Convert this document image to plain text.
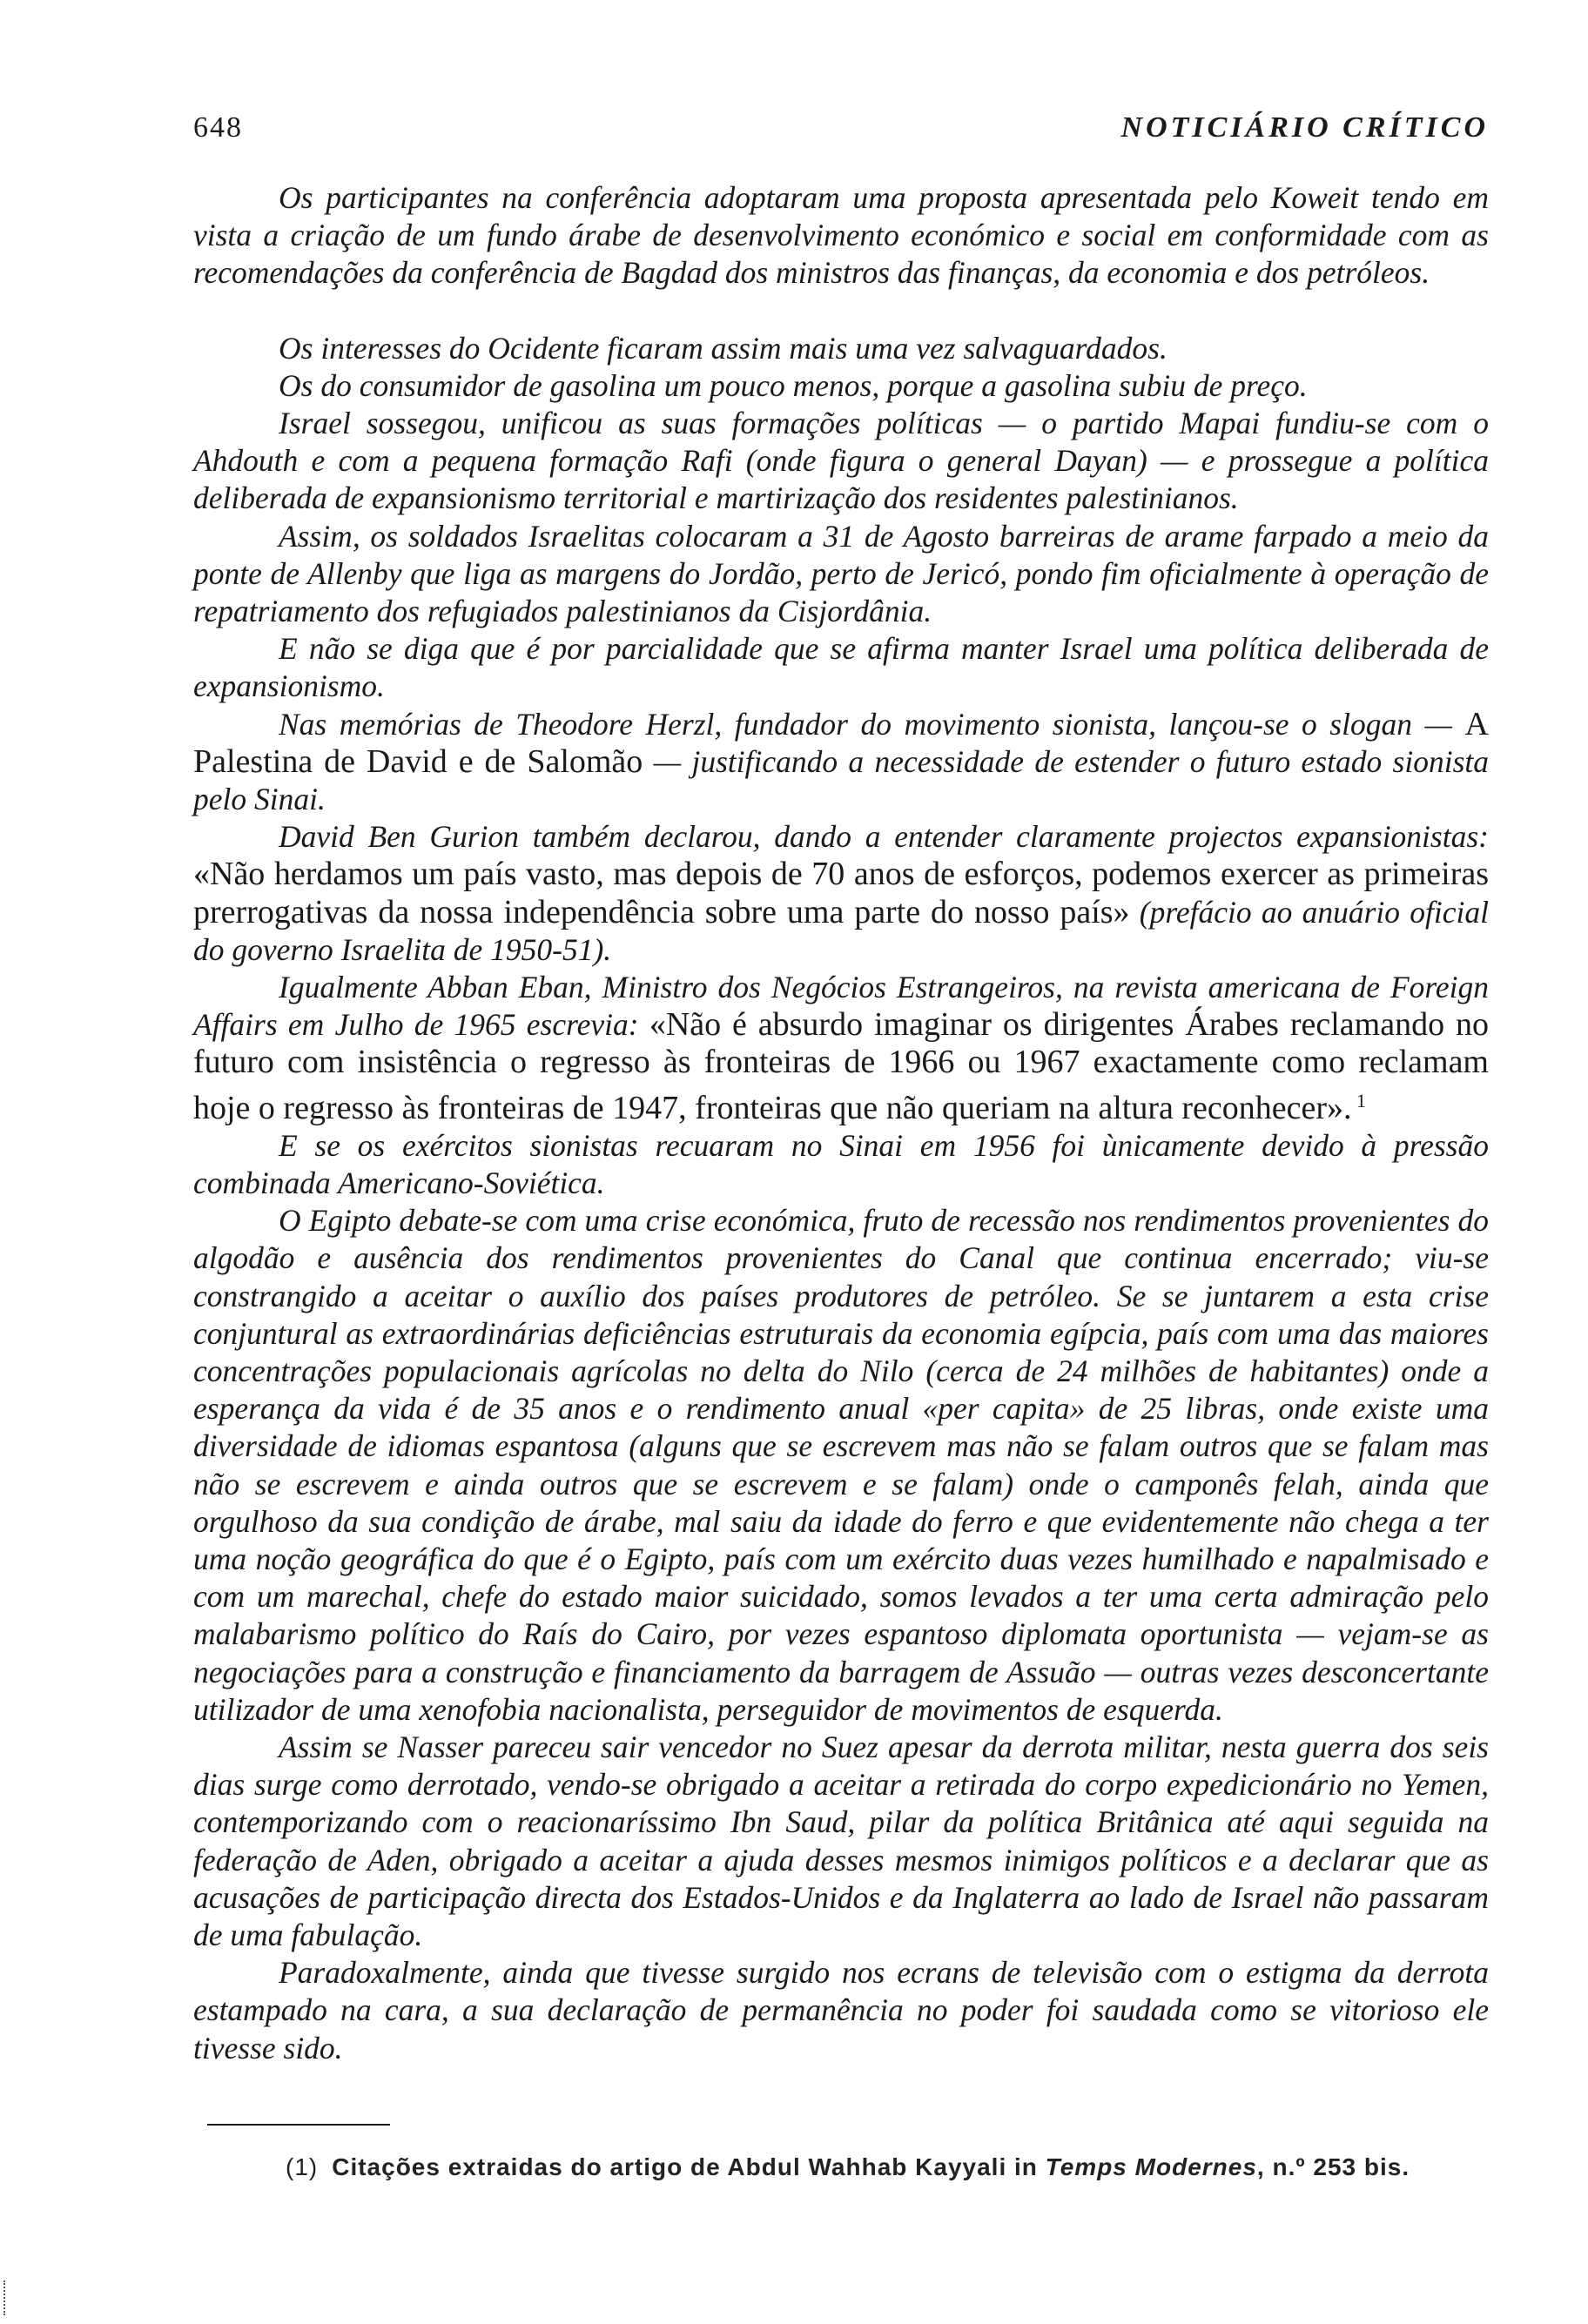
648	NOTICIÁRIO CRÍTICO

Os participantes na conferência adoptaram uma proposta apresentada pelo Koweit tendo em vista a criação de um fundo árabe de desenvolvimento económico e social em conformidade com as recomendações da conferência de Bagdad dos ministros das finanças, da economia e dos petróleos.

Os interesses do Ocidente ficaram assim mais uma vez salvaguardados.

Os do consumidor de gasolina um pouco menos, porque a gasolina subiu de preço.

Israel sossegou, unificou as suas formações políticas — o partido Mapai fundiu-se com o Ahdouth e com a pequena formação Rafi (onde figura o general Dayan) — e prossegue a política deliberada de expansionismo territorial e martirização dos residentes palestinianos.

Assim, os soldados Israelitas colocaram a 31 de Agosto barreiras de arame farpado a meio da ponte de Allenby que liga as margens do Jordão, perto de Jericó, pondo fim oficialmente à operação de repatriamento dos refugiados palestinianos da Cisjordânia.

E não se diga que é por parcialidade que se afirma manter Israel uma política deliberada de expansionismo.

Nas memórias de Theodore Herzl, fundador do movimento sionista, lançou-se o slogan — A Palestina de David e de Salomão — justificando a necessidade de estender o futuro estado sionista pelo Sinai.

David Ben Gurion também declarou, dando a entender claramente projectos expansionistas: «Não herdamos um país vasto, mas depois de 70 anos de esforços, podemos exercer as primeiras prerrogativas da nossa independência sobre uma parte do nosso país» (prefácio ao anuário oficial do governo Israelita de 1950-51).

Igualmente Abban Eban, Ministro dos Negócios Estrangeiros, na revista americana de Foreign Affairs em Julho de 1965 escrevia: «Não é absurdo imaginar os dirigentes Árabes reclamando no futuro com insistência o regresso às fronteiras de 1966 ou 1967 exactamente como reclamam hoje o regresso às fronteiras de 1947, fronteiras que não queriam na altura reconhecer». $^1$

E se os exércitos sionistas recuaram no Sinai em 1956 foi ùnicamente devido à pressão combinada Americano-Soviética.

O Egipto debate-se com uma crise económica, fruto de recessão nos rendimentos provenientes do algodão e ausência dos rendimentos provenientes do Canal que continua encerrado; viu-se constrangido a aceitar o auxílio dos países produtores de petróleo. Se se juntarem a esta crise conjuntural as extraordinárias deficiências estruturais da economia egípcia, país com uma das maiores concentrações populacionais agrícolas no delta do Nilo (cerca de 24 milhões de habitantes) onde a esperança da vida é de 35 anos e o rendimento anual «per capita» de 25 libras, onde existe uma diversidade de idiomas espantosa (alguns que se escrevem mas não se falam outros que se falam mas não se escrevem e ainda outros que se escrevem e se falam) onde o camponês felah, ainda que orgulhoso da sua condição de árabe, mal saiu da idade do ferro e que evidentemente não chega a ter uma noção geográfica do que é o Egipto, país com um exército duas vezes humilhado e napalmisado e com um marechal, chefe do estado maior suicidado, somos levados a ter uma certa admiração pelo malabarismo político do Raís do Cairo, por vezes espantoso diplomata oportunista — vejam-se as negociações para a construção e financiamento da barragem de Assuão — outras vezes desconcertante utilizador de uma xenofobia nacionalista, perseguidor de movimentos de esquerda.

Assim se Nasser pareceu sair vencedor no Suez apesar da derrota militar, nesta guerra dos seis dias surge como derrotado, vendo-se obrigado a aceitar a retirada do corpo expedicionário no Yemen, contemporizando com o reacionaríssimo Ibn Saud, pilar da política Britânica até aqui seguida na federação de Aden, obrigado a aceitar a ajuda desses mesmos inimigos políticos e a declarar que as acusações de participação directa dos Estados-Unidos e da Inglaterra ao lado de Israel não passaram de uma fabulação.

Paradoxalmente, ainda que tivesse surgido nos ecrans de televisão com o estigma da derrota estampado na cara, a sua declaração de permanência no poder foi saudada como se vitorioso ele tivesse sido.

(1) Citações extraidas do artigo de Abdul Wahhab Kayyali in Temps Modernes, n.º 253 bis.
